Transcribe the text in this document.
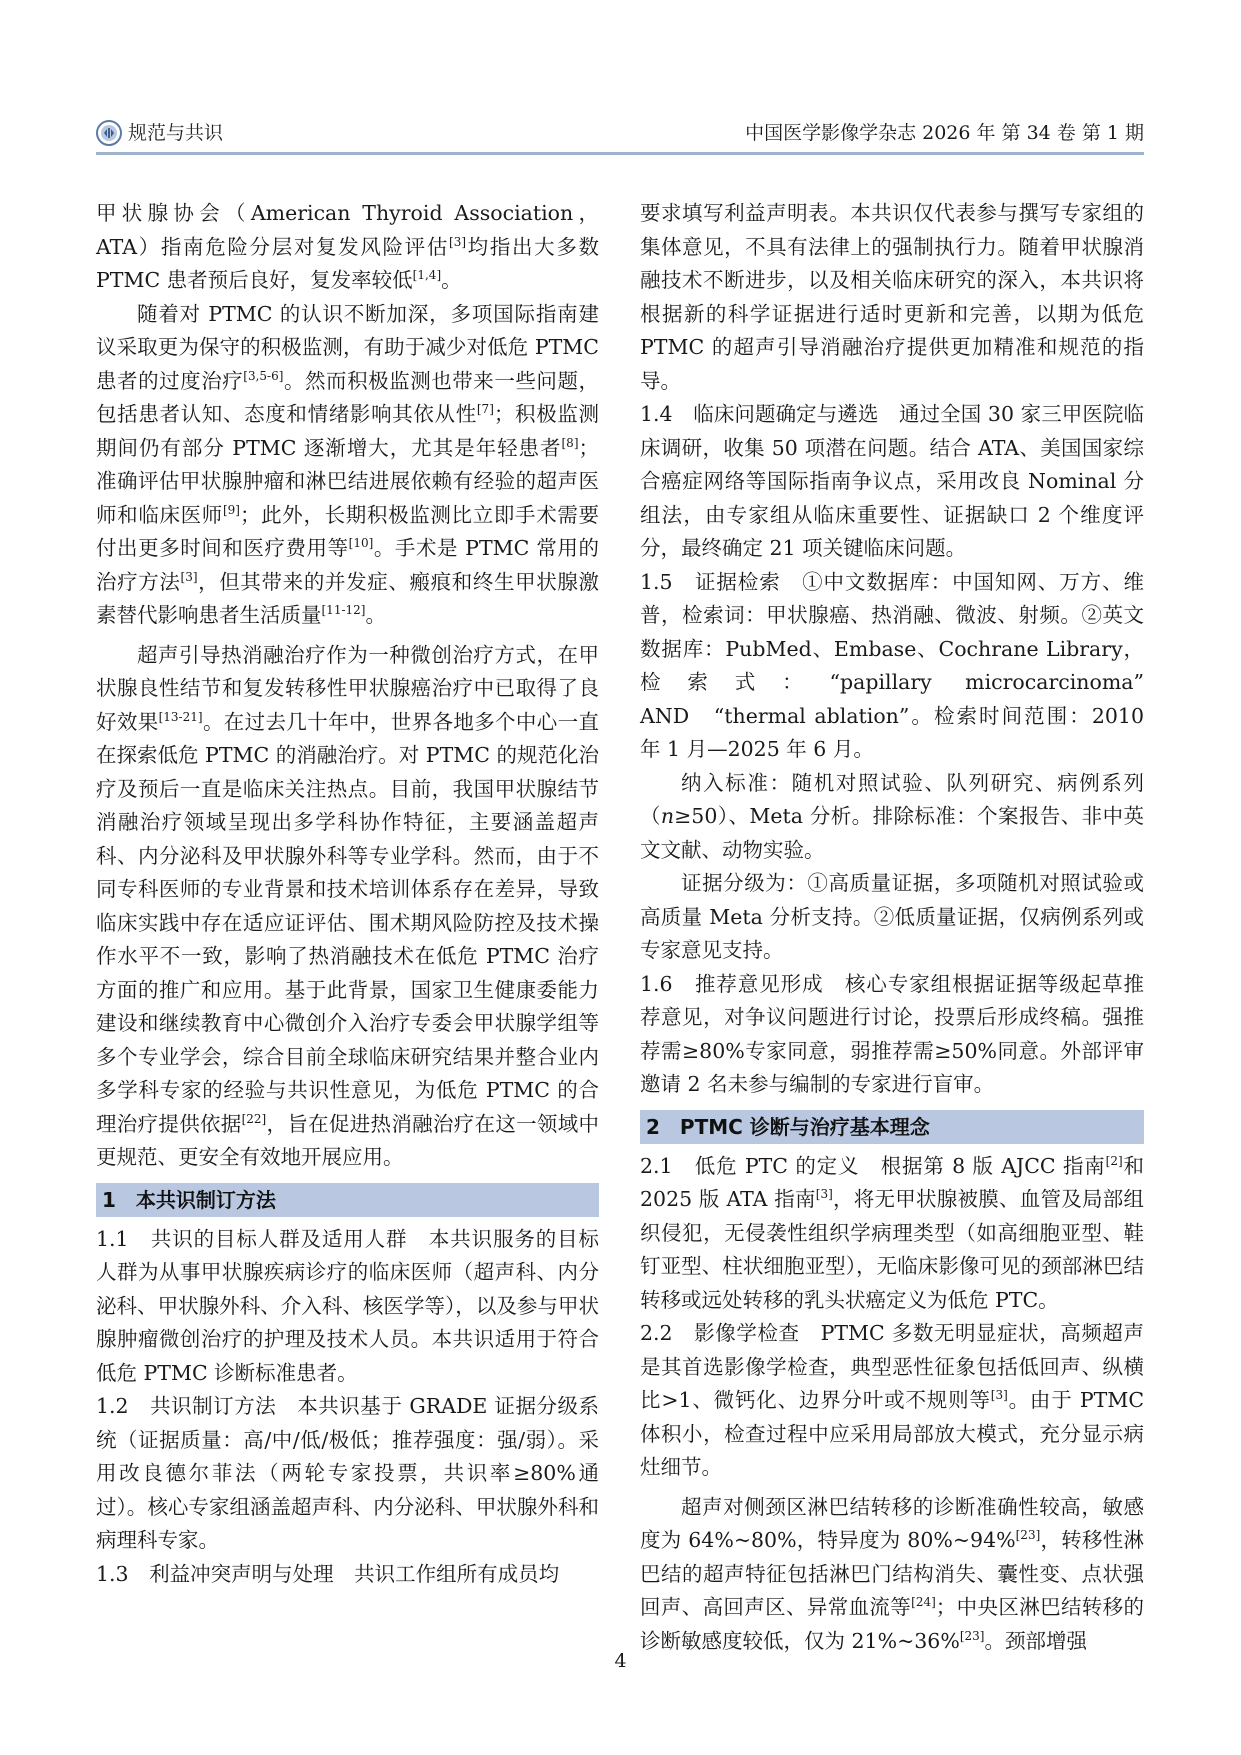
规范与共识	中国医学影像学杂志 2026 年 第 34 卷 第 1 期

甲状腺协会（American Thyroid Association，ATA）指南危险分层对复发风险评估[3]均指出大多数 PTMC 患者预后良好，复发率较低[1,4]。

随着对 PTMC 的认识不断加深，多项国际指南建议采取更为保守的积极监测，有助于减少对低危 PTMC 患者的过度治疗[3,5-6]。然而积极监测也带来一些问题，包括患者认知、态度和情绪影响其依从性[7]；积极监测期间仍有部分 PTMC 逐渐增大，尤其是年轻患者[8]；准确评估甲状腺肿瘤和淋巴结进展依赖有经验的超声医师和临床医师[9]；此外，长期积极监测比立即手术需要付出更多时间和医疗费用等[10]。手术是 PTMC 常用的治疗方法[3]，但其带来的并发症、瘢痕和终生甲状腺激素替代影响患者生活质量[11-12]。

超声引导热消融治疗作为一种微创治疗方式，在甲状腺良性结节和复发转移性甲状腺癌治疗中已取得了良好效果[13-21]。在过去几十年中，世界各地多个中心一直在探索低危 PTMC 的消融治疗。对 PTMC 的规范化治疗及预后一直是临床关注热点。目前，我国甲状腺结节消融治疗领域呈现出多学科协作特征，主要涵盖超声科、内分泌科及甲状腺外科等专业学科。然而，由于不同专科医师的专业背景和技术培训体系存在差异，导致临床实践中存在适应证评估、围术期风险防控及技术操作水平不一致，影响了热消融技术在低危 PTMC 治疗方面的推广和应用。基于此背景，国家卫生健康委能力建设和继续教育中心微创介入治疗专委会甲状腺学组等多个专业学会，综合目前全球临床研究结果并整合业内多学科专家的经验与共识性意见，为低危 PTMC 的合理治疗提供依据[22]，旨在促进热消融治疗在这一领域中更规范、更安全有效地开展应用。

1　本共识制订方法

1.1　共识的目标人群及适用人群　本共识服务的目标人群为从事甲状腺疾病诊疗的临床医师（超声科、内分泌科、甲状腺外科、介入科、核医学等），以及参与甲状腺肿瘤微创治疗的护理及技术人员。本共识适用于符合低危 PTMC 诊断标准患者。

1.2　共识制订方法　本共识基于 GRADE 证据分级系统（证据质量：高/中/低/极低；推荐强度：强/弱）。采用改良德尔菲法（两轮专家投票，共识率≥80%通过）。核心专家组涵盖超声科、内分泌科、甲状腺外科和病理科专家。

1.3　利益冲突声明与处理　共识工作组所有成员均

要求填写利益声明表。本共识仅代表参与撰写专家组的集体意见，不具有法律上的强制执行力。随着甲状腺消融技术不断进步，以及相关临床研究的深入，本共识将根据新的科学证据进行适时更新和完善，以期为低危 PTMC 的超声引导消融治疗提供更加精准和规范的指导。

1.4　临床问题确定与遴选　通过全国 30 家三甲医院临床调研，收集 50 项潜在问题。结合 ATA、美国国家综合癌症网络等国际指南争议点，采用改良 Nominal 分组法，由专家组从临床重要性、证据缺口 2 个维度评分，最终确定 21 项关键临床问题。

1.5　证据检索　①中文数据库：中国知网、万方、维普，检索词：甲状腺癌、热消融、微波、射频。②英文数据库：PubMed、Embase、Cochrane Library，检索式：“papillary microcarcinoma”　AND　“thermal ablation”。检索时间范围：2010 年 1 月—2025 年 6 月。

纳入标准：随机对照试验、队列研究、病例系列（n≥50）、Meta 分析。排除标准：个案报告、非中英文文献、动物实验。

证据分级为：①高质量证据，多项随机对照试验或高质量 Meta 分析支持。②低质量证据，仅病例系列或专家意见支持。

1.6　推荐意见形成　核心专家组根据证据等级起草推荐意见，对争议问题进行讨论，投票后形成终稿。强推荐需≥80%专家同意，弱推荐需≥50%同意。外部评审邀请 2 名未参与编制的专家进行盲审。

2　PTMC 诊断与治疗基本理念

2.1　低危 PTC 的定义　根据第 8 版 AJCC 指南[2]和 2025 版 ATA 指南[3]，将无甲状腺被膜、血管及局部组织侵犯，无侵袭性组织学病理类型（如高细胞亚型、鞋钉亚型、柱状细胞亚型），无临床影像可见的颈部淋巴结转移或远处转移的乳头状癌定义为低危 PTC。

2.2　影像学检查　PTMC 多数无明显症状，高频超声是其首选影像学检查，典型恶性征象包括低回声、纵横比>1、微钙化、边界分叶或不规则等[3]。由于 PTMC 体积小，检查过程中应采用局部放大模式，充分显示病灶细节。

超声对侧颈区淋巴结转移的诊断准确性较高，敏感度为 64%~80%，特异度为 80%~94%[23]，转移性淋巴结的超声特征包括淋巴门结构消失、囊性变、点状强回声、高回声区、异常血流等[24]；中央区淋巴结转移的诊断敏感度较低，仅为 21%~36%[23]。颈部增强

4
